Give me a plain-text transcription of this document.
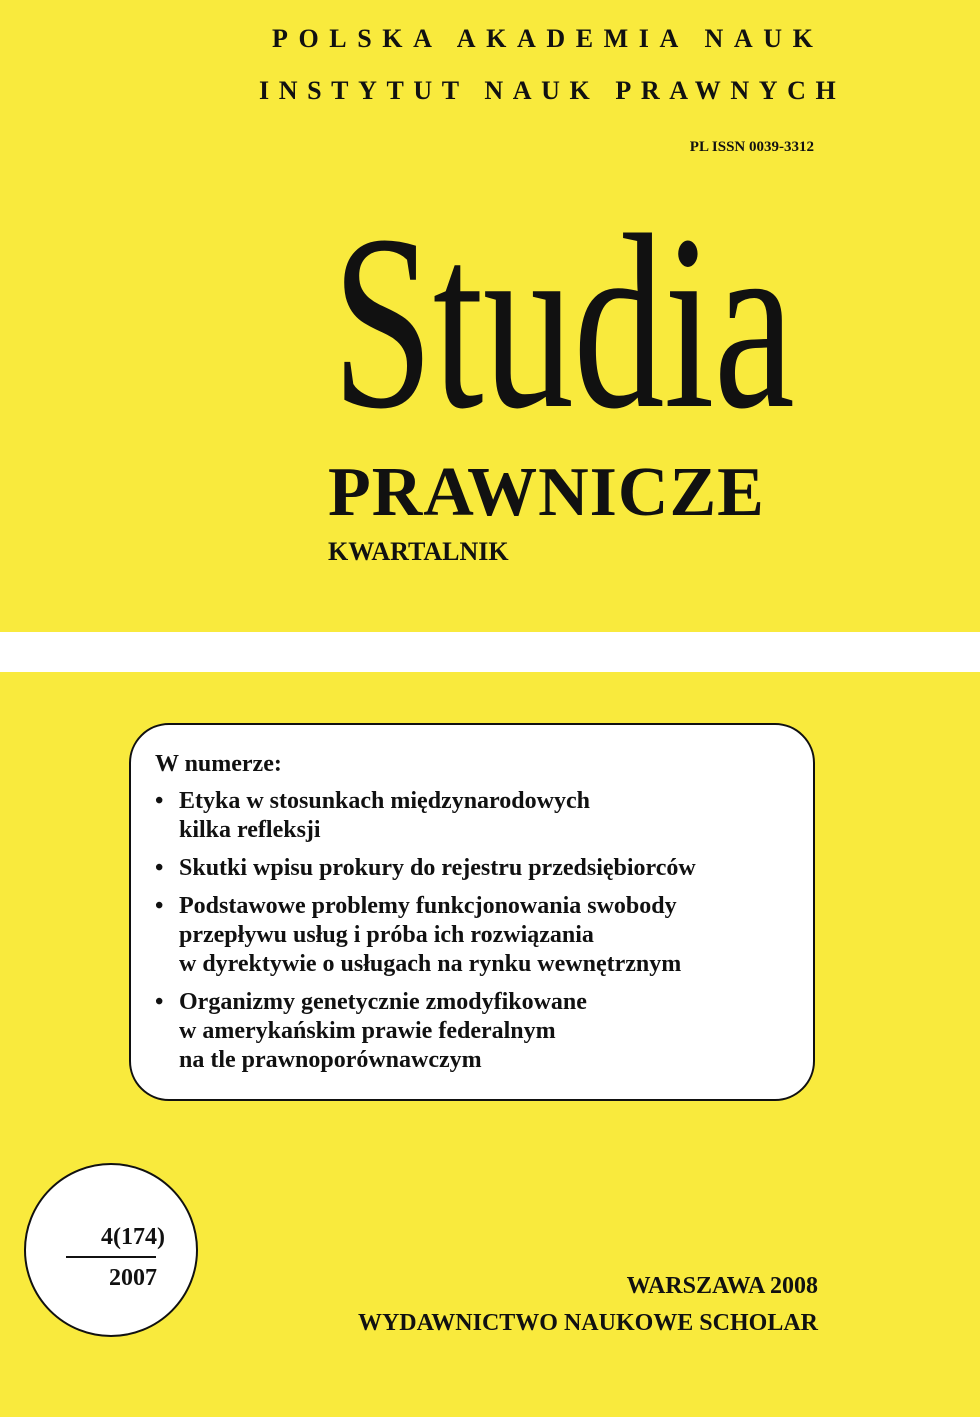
POLSKA AKADEMIA NAUK
INSTYTUT NAUK PRAWNYCH
PL ISSN 0039-3312
Studia
PRAWNICZE
KWARTALNIK
W numerze:
• Etyka w stosunkach międzynarodowych
kilka refleksji
• Skutki wpisu prokury do rejestru przedsiębiorców
• Podstawowe problemy funkcjonowania swobody
przepływu usług i próba ich rozwiązania
w dyrektywie o usługach na rynku wewnętrznym
• Organizmy genetycznie zmodyfikowane
w amerykańskim prawie federalnym
na tle prawnoporównawczym
4(174)
2007	WARSZAWA 2008
WYDAWNICTWO NAUKOWE SCHOLAR
